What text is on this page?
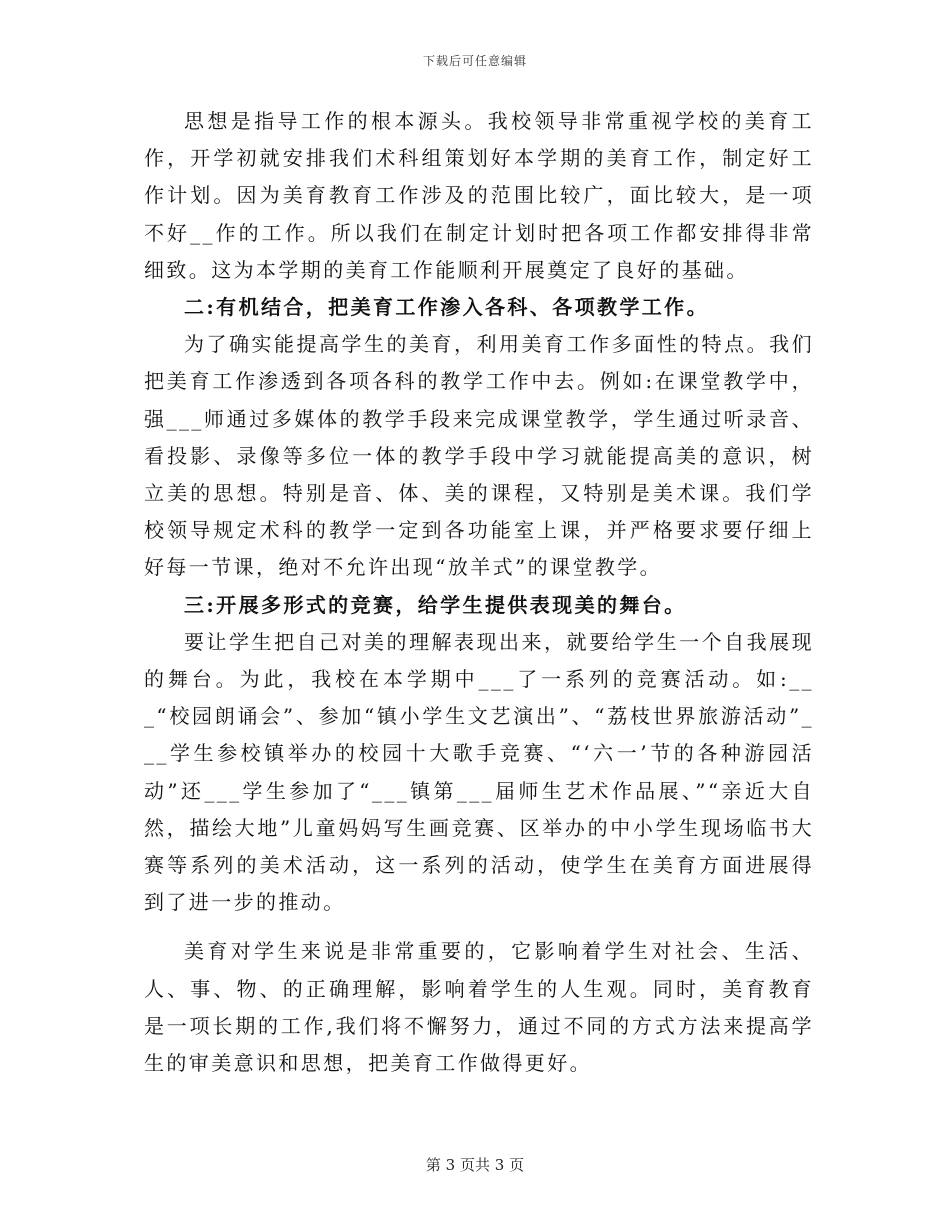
下载后可任意编辑

思想是指导工作的根本源头。我校领导非常重视学校的美育工作，开学初就安排我们术科组策划好本学期的美育工作，制定好工作计划。因为美育教育工作涉及的范围比较广，面比较大，是一项不好__作的工作。所以我们在制定计划时把各项工作都安排得非常细致。这为本学期的美育工作能顺利开展奠定了良好的基础。

二:有机结合，把美育工作渗入各科、各项教学工作。

为了确实能提高学生的美育，利用美育工作多面性的特点。我们把美育工作渗透到各项各科的教学工作中去。例如:在课堂教学中，强___师通过多媒体的教学手段来完成课堂教学，学生通过听录音、看投影、录像等多位一体的教学手段中学习就能提高美的意识，树立美的思想。特别是音、体、美的课程，又特别是美术课。我们学校领导规定术科的教学一定到各功能室上课，并严格要求要仔细上好每一节课，绝对不允许出现“放羊式”的课堂教学。

三:开展多形式的竞赛，给学生提供表现美的舞台。

要让学生把自己对美的理解表现出来，就要给学生一个自我展现的舞台。为此，我校在本学期中___了一系列的竞赛活动。如:___“校园朗诵会”、参加“镇小学生文艺演出”、“荔枝世界旅游活动”___学生参校镇举办的校园十大歌手竞赛、“‘六一’节的各种游园活动”还___学生参加了“___镇第___届师生艺术作品展、”“亲近大自然，描绘大地”儿童妈妈写生画竞赛、区举办的中小学生现场临书大赛等系列的美术活动，这一系列的活动，使学生在美育方面进展得到了进一步的推动。

美育对学生来说是非常重要的，它影响着学生对社会、生活、人、事、物、的正确理解，影响着学生的人生观。同时，美育教育是一项长期的工作,我们将不懈努力，通过不同的方式方法来提高学生的审美意识和思想，把美育工作做得更好。

第 3 页共 3 页
